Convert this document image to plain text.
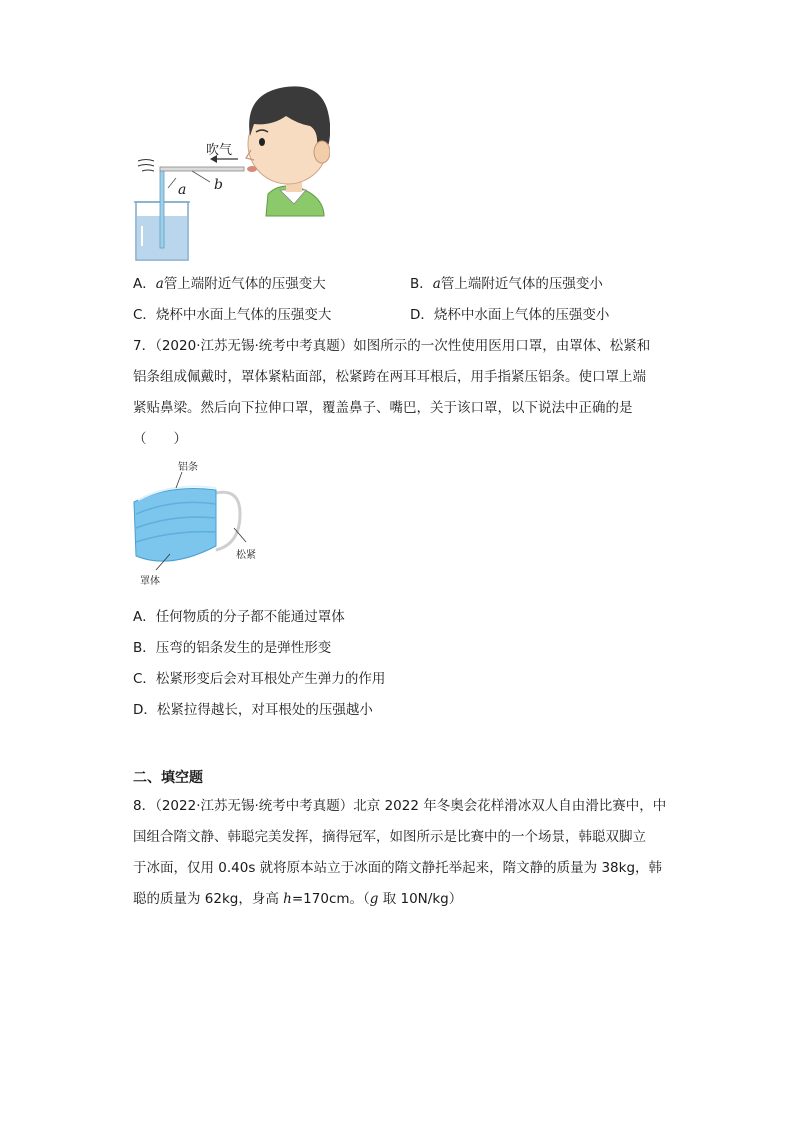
吹气
a b
A．a管上端附近气体的压强变大	B．a管上端附近气体的压强变小
C．烧杯中水面上气体的压强变大	D．烧杯中水面上气体的压强变小
7．（2020·江苏无锡·统考中考真题）如图所示的一次性使用医用口罩，由罩体、松紧和
铝条组成佩戴时，罩体紧粘面部，松紧跨在两耳耳根后，用手指紧压铝条。使口罩上端
紧贴鼻梁。然后向下拉伸口罩，覆盖鼻子、嘴巴，关于该口罩，以下说法中正确的是
（　　）
铝条
松紧
罩体
A．任何物质的分子都不能通过罩体
B．压弯的铝条发生的是弹性形变
C．松紧形变后会对耳根处产生弹力的作用
D．松紧拉得越长，对耳根处的压强越小
二、填空题
8．（2022·江苏无锡·统考中考真题）北京 2022 年冬奥会花样滑冰双人自由滑比赛中，中
国组合隋文静、韩聪完美发挥，摘得冠军，如图所示是比赛中的一个场景，韩聪双脚立
于冰面，仅用 0.40s 就将原本站立于冰面的隋文静托举起来，隋文静的质量为 38kg，韩
聪的质量为 62kg，身高 h=170cm。（g 取 10N/kg）
